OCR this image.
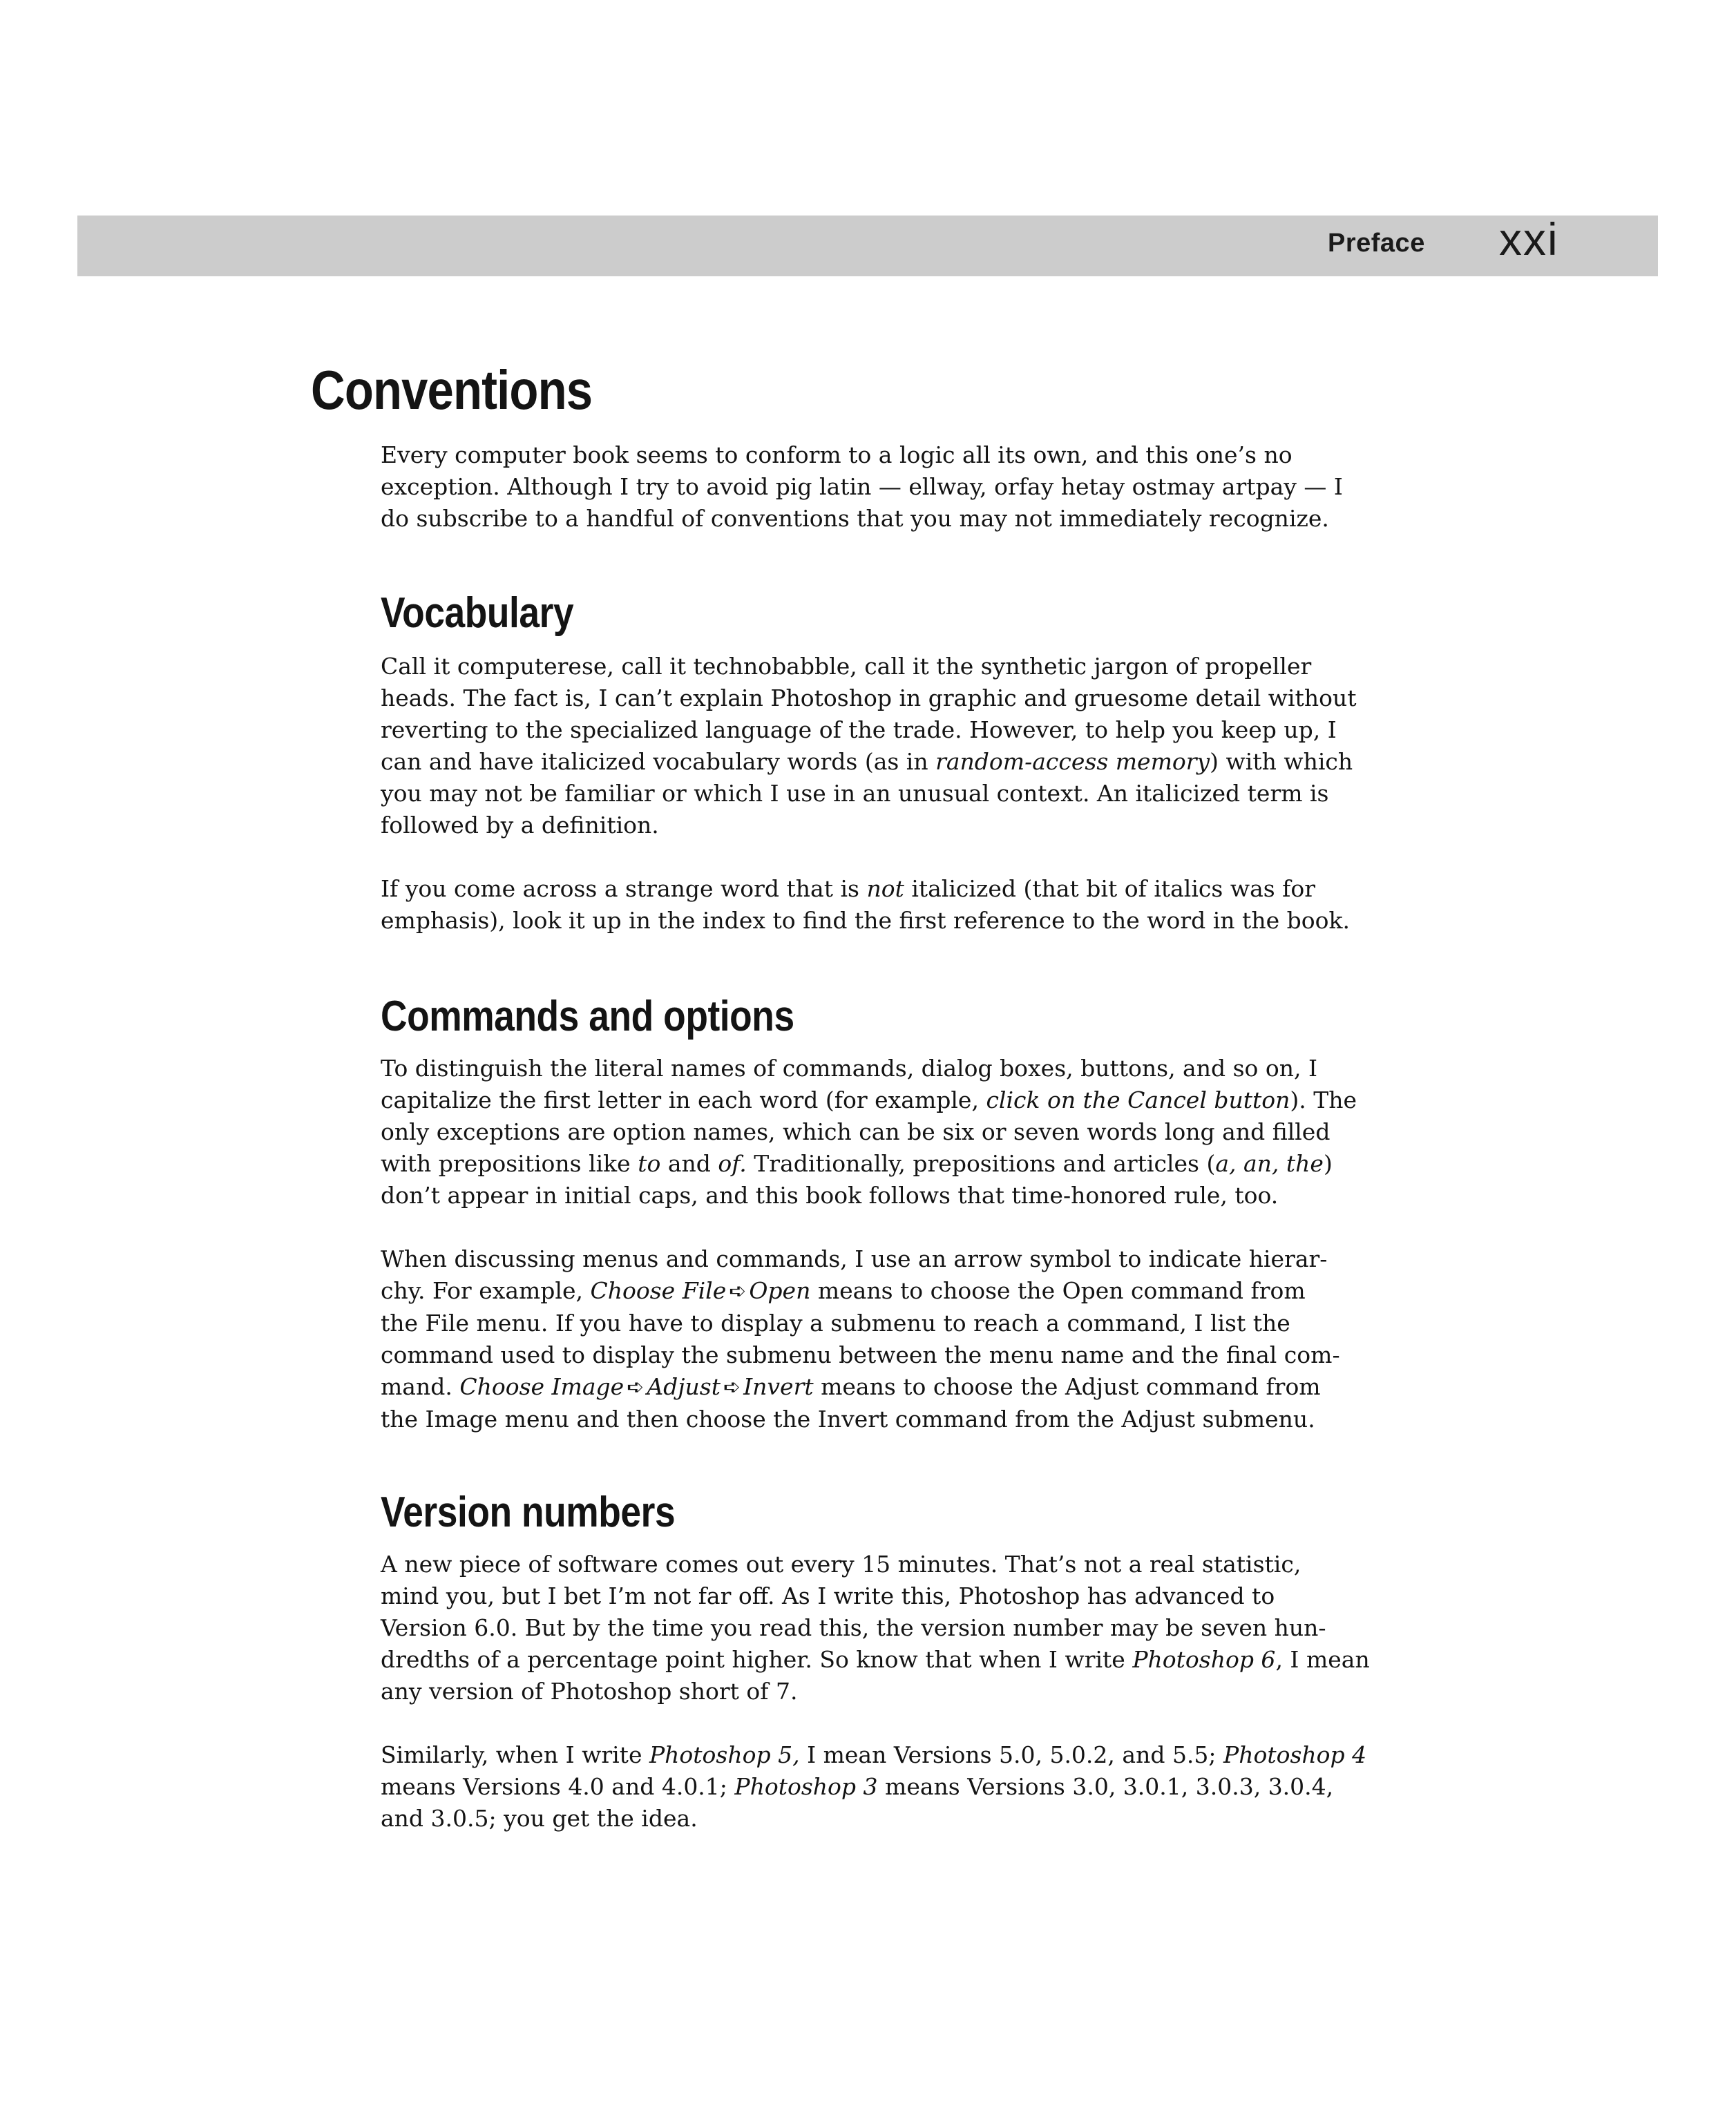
Preface xxi
Conventions

Every computer book seems to conform to a logic all its own, and this one’s no
exception. Although I try to avoid pig latin — ellway, orfay hetay ostmay artpay — I
do subscribe to a handful of conventions that you may not immediately recognize.

Vocabulary

Call it computerese, call it technobabble, call it the synthetic jargon of propeller
heads. The fact is, I can’t explain Photoshop in graphic and gruesome detail without
reverting to the specialized language of the trade. However, to help you keep up, I
can and have italicized vocabulary words (as in random-access memory) with which
you may not be familiar or which I use in an unusual context. An italicized term is
followed by a definition.

If you come across a strange word that is not italicized (that bit of italics was for
emphasis), look it up in the index to find the first reference to the word in the book.

Commands and options

To distinguish the literal names of commands, dialog boxes, buttons, and so on, I
capitalize the first letter in each word (for example, click on the Cancel button). The
only exceptions are option names, which can be six or seven words long and filled
with prepositions like to and of. Traditionally, prepositions and articles (a, an, the)
don’t appear in initial caps, and this book follows that time-honored rule, too.

When discussing menus and commands, I use an arrow symbol to indicate hierar-
chy. For example, Choose File ➪ Open means to choose the Open command from
the File menu. If you have to display a submenu to reach a command, I list the
command used to display the submenu between the menu name and the final com-
mand. Choose Image ➪ Adjust ➪ Invert means to choose the Adjust command from
the Image menu and then choose the Invert command from the Adjust submenu.

Version numbers

A new piece of software comes out every 15 minutes. That’s not a real statistic,
mind you, but I bet I’m not far off. As I write this, Photoshop has advanced to
Version 6.0. But by the time you read this, the version number may be seven hun-
dredths of a percentage point higher. So know that when I write Photoshop 6, I mean
any version of Photoshop short of 7.

Similarly, when I write Photoshop 5, I mean Versions 5.0, 5.0.2, and 5.5; Photoshop 4
means Versions 4.0 and 4.0.1; Photoshop 3 means Versions 3.0, 3.0.1, 3.0.3, 3.0.4,
and 3.0.5; you get the idea.
